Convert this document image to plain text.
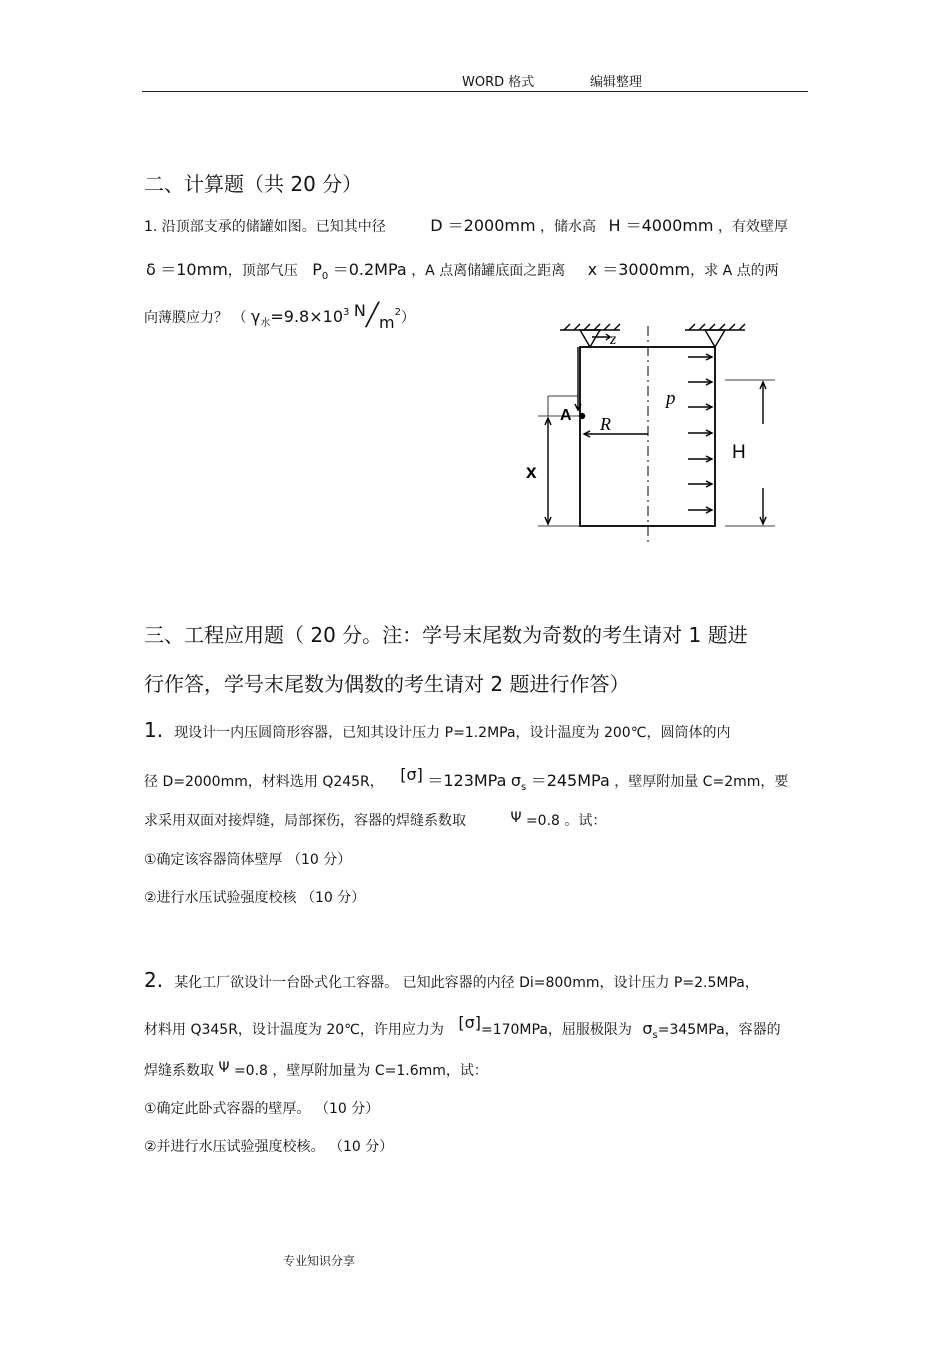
WORD 格式	编辑整理
二、计算题（共 20 分）
1. 沿顶部支承的储罐如图。已知其中径	D ＝2000mm ，储水高 H ＝4000mm ，有效壁厚
δ ＝10mm，顶部气压 $P_0 =0.2MPa$ ，A 点离储罐底面之距离 x ＝3000mm，求 A 点的两
向薄膜应力？ （ $\gamma_水=9.8\times 10^3$ $N╱m^2$）
z
p
A R
H
x
三、工程应用题（ 20 分。注：学号末尾数为奇数的考生请对 1 题进
行作答，学号末尾数为偶数的考生请对 2 题进行作答）
1. 现设计一内压圆筒形容器，已知其设计压力 P=1.2MPa，设计温度为 200℃，圆筒体的内
径 D=2000mm，材料选用 Q245R， [σ] ＝123MPa $\sigma_s =245MPa$ ，壁厚附加量 C=2mm，要
求采用双面对接焊缝，局部探伤，容器的焊缝系数取	Ψ =0.8 。试：
①确定该容器筒体壁厚 （10 分）
②进行水压试验强度校核 （10 分）
2. 某化工厂欲设计一台卧式化工容器。 已知此容器的内径 Di=800mm，设计压力 P=2.5MPa，
材料用 Q345R，设计温度为 20℃，许用应力为 [σ]=170MPa，屈服极限为 $\sigma_s=345MPa$，容器的
焊缝系数取 Ψ =0.8 ，壁厚附加量为 C=1.6mm，试：
①确定此卧式容器的壁厚。 （10 分）
②并进行水压试验强度校核。 （10 分）
专业知识分享
